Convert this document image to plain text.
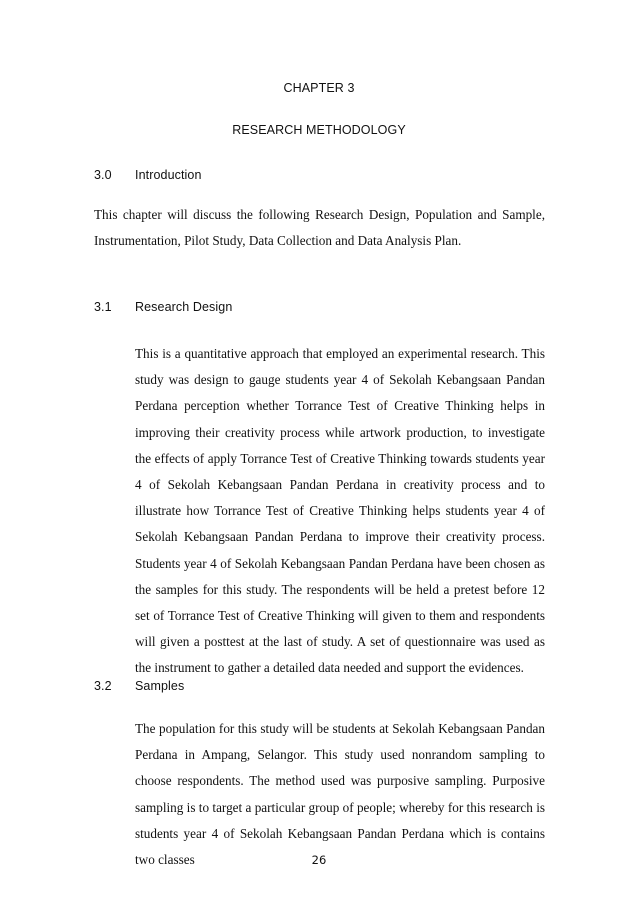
CHAPTER 3

RESEARCH METHODOLOGY

3.0 Introduction

This chapter will discuss the following Research Design, Population and Sample, Instrumentation, Pilot Study, Data Collection and Data Analysis Plan.

3.1 Research Design

This is a quantitative approach that employed an experimental research. This study was design to gauge students year 4 of Sekolah Kebangsaan Pandan Perdana perception whether Torrance Test of Creative Thinking helps in improving their creativity process while artwork production, to investigate the effects of apply Torrance Test of Creative Thinking towards students year 4 of Sekolah Kebangsaan Pandan Perdana in creativity process and to illustrate how Torrance Test of Creative Thinking helps students year 4 of Sekolah Kebangsaan Pandan Perdana to improve their creativity process. Students year 4 of Sekolah Kebangsaan Pandan Perdana have been chosen as the samples for this study. The respondents will be held a pretest before 12 set of Torrance Test of Creative Thinking will given to them and respondents will given a posttest at the last of study. A set of questionnaire was used as the instrument to gather a detailed data needed and support the evidences.

3.2 Samples

The population for this study will be students at Sekolah Kebangsaan Pandan Perdana in Ampang, Selangor. This study used nonrandom sampling to choose respondents. The method used was purposive sampling. Purposive sampling is to target a particular group of people; whereby for this research is students year 4 of Sekolah Kebangsaan Pandan Perdana which is contains two classes	26
